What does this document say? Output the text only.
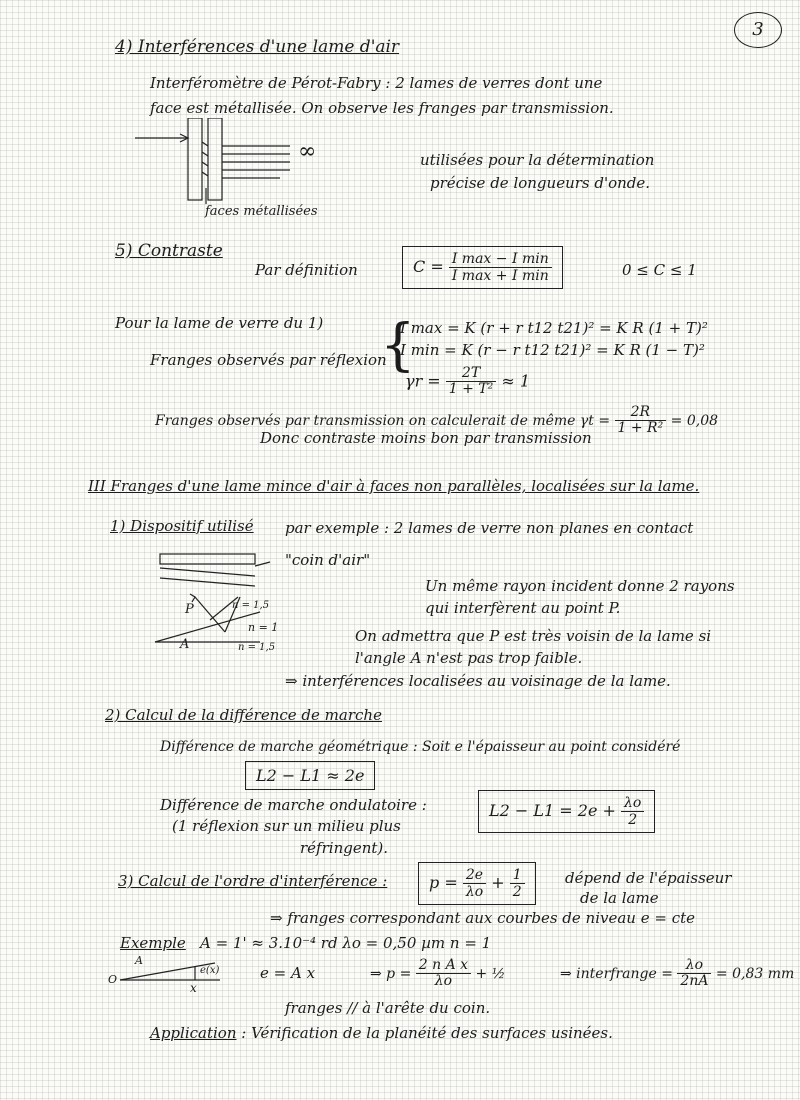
3
4) Interférences d'une lame d'air
Interféromètre de Pérot-Fabry : 2 lames de verres dont une
face est métallisée. On observe les franges par transmission.
∞
faces métallisées
utilisées pour la détermination
précise de longueurs d'onde.
5) Contraste
Par définition	$C = \frac{\text{I max − I min}}{\text{I max + I min}}$	0 ≤ C ≤ 1
Pour la lame de verre du 1) {
I max = K (r + r t12 t21)² = K R (1 + T)²
I min = K (r − r t12 t21)² = K R (1 − T)²
Franges observés par réflexion
$\gamma r = \frac{2T}{\text{1 + T²}} \approx 1$
Franges observés par transmission on calculerait de même $\gamma t = \frac{2R}{\text{1 + R²}} = 0,08$
Donc contraste moins bon par transmission
III Franges d'une lame mince d'air à faces non parallèles, localisées sur la lame.
1) Dispositif utilisé par exemple : 2 lames de verre non planes en contact
"coin d'air"
Un même rayon incident donne 2 rayons
qui interfèrent au point P.
P
A
n = 1,5
n = 1
n = 1,5
On admettra que P est très voisin de la lame si
l'angle A n'est pas trop faible.
⇒ interférences localisées au voisinage de la lame.
2) Calcul de la différence de marche
Différence de marche géométrique : Soit e l'épaisseur au point considéré
L2 − L1 ≈ 2e
Différence de marche ondulatoire :
(1 réflexion sur un milieu plus
réfringent).
$L2 - L1 = 2e + \frac{\lambda o}{2}$
3) Calcul de l'ordre d'interférence :	$p = \frac{2e}{\lambda o} + \frac{1}{2}$	dépend de l'épaisseur
de la lame
⇒ franges correspondant aux courbes de niveau e = cte
Exemple A = 1' ≈ 3.10⁻⁴ rd λo = 0,50 µm n = 1
O
A
e(x)
x
e = A x	⇒ $p = \frac{\text{2 n A x}}{\lambda o}$ + ½	⇒ interfrange = $\frac{\lambda o}{2nA} = 0,83$ mm
franges // à l'arête du coin.
Application : Vérification de la planéité des surfaces usinées.
